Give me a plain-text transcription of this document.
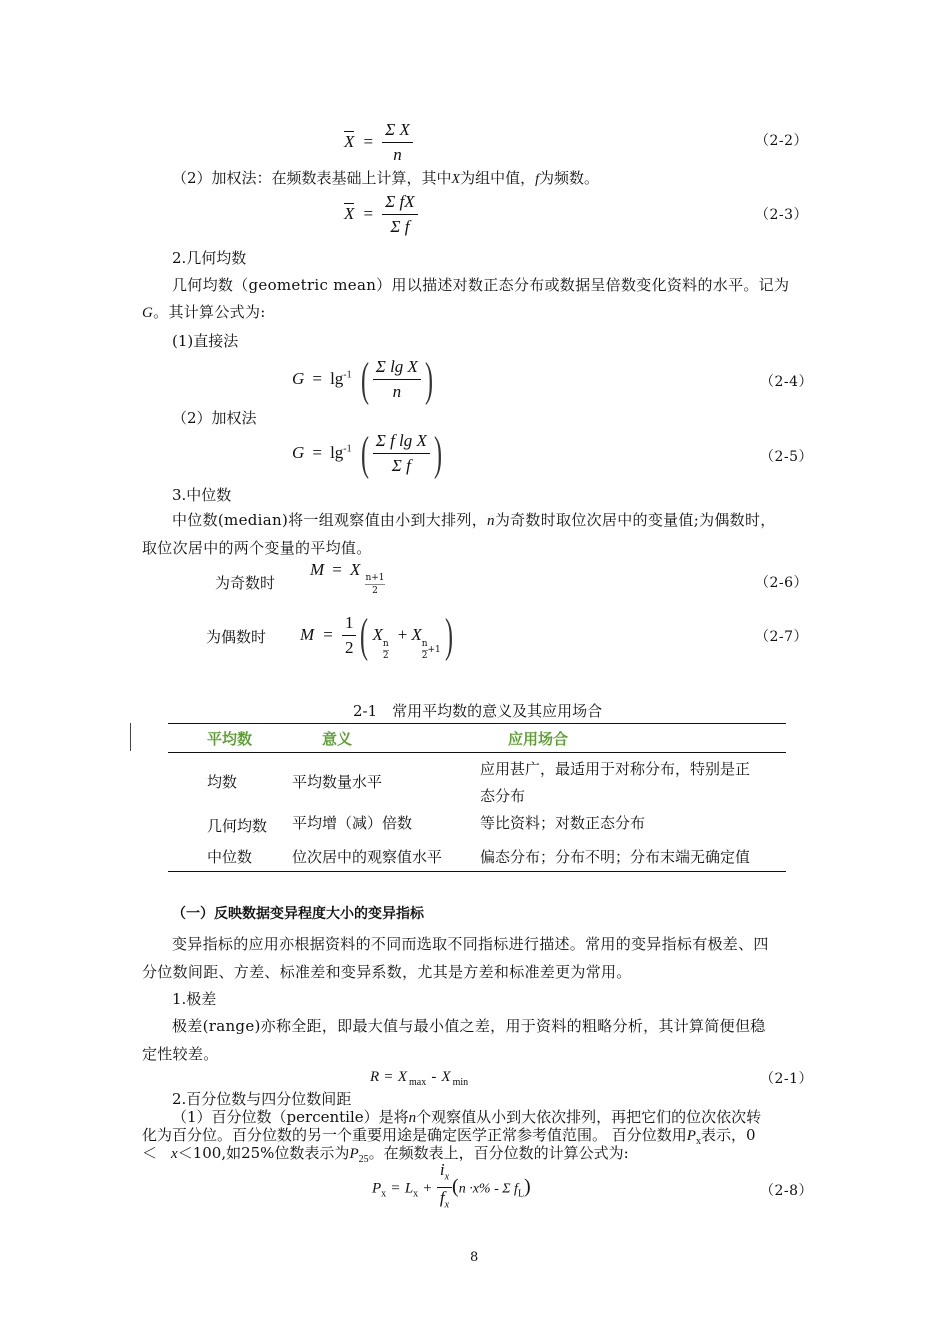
$X = \frac{\text{Σ X}}{n}$	（2-2）
（2）加权法：在频数表基础上计算，其中X为组中值，f为频数。
$X = \frac{\text{Σ fX}}{\text{Σ f}}$	（2-3）
2.几何均数
几何均数（geometric mean）用以描述对数正态分布或数据呈倍数变化资料的水平。记为
G。其计算公式为:
(1)直接法
$G = \lg^{-1}$ ( $\frac{\text{Σ lg X}}{n}$ )	（2-4）
（2）加权法
$G = \lg^{-1}$ ( $\frac{\text{Σ f lg X}}{\text{Σ f}}$ )	（2-5）
3.中位数
中位数(median)将一组观察值由小到大排列，n为奇数时取位次居中的变量值;为偶数时，
取位次居中的两个变量的平均值。
为奇数时
M = X
$\frac{n+1}{2}$	（2-6）
为偶数时 $M = \frac{1}{2}$ ( X
$\frac{n}{2}$
+ X
$\frac{n}{2} _{+1}$)	（2-7）
2-1　常用平均数的意义及其应用场合
平均数	意义	应用场合
均数	平均数量水平
应用甚广，最适用于对称分布，特别是正
态分布
几何均数 平均增（减）倍数	等比资料；对数正态分布
中位数	位次居中的观察值水平	偏态分布；分布不明；分布末端无确定值
（一）反映数据变异程度大小的变异指标
变异指标的应用亦根据资料的不同而选取不同指标进行描述。常用的变异指标有极差、四
分位数间距、方差、标准差和变异系数，尤其是方差和标准差更为常用。
1.极差
极差(range)亦称全距，即最大值与最小值之差，用于资料的粗略分析，其计算简便但稳
定性较差。
R = X $_{max}$ - X $_{min}$	（2-1）
2.百分位数与四分位数间距
（1）百分位数（percentile）是将n个观察值从小到大依次排列，再把它们的位次依次转
化为百分位。百分位数的另一个重要用途是确定医学正常参考值范围。 百分位数用$P_x$表示，0
＜ x＜100,如25%位数表示为$P_{25}$。在频数表上，百分位数的计算公式为:
$P_x = L_x + \frac{i_x}{f_x} (n \cdot x\% - \Sigma$ $f_L$)	（2-8）
8
